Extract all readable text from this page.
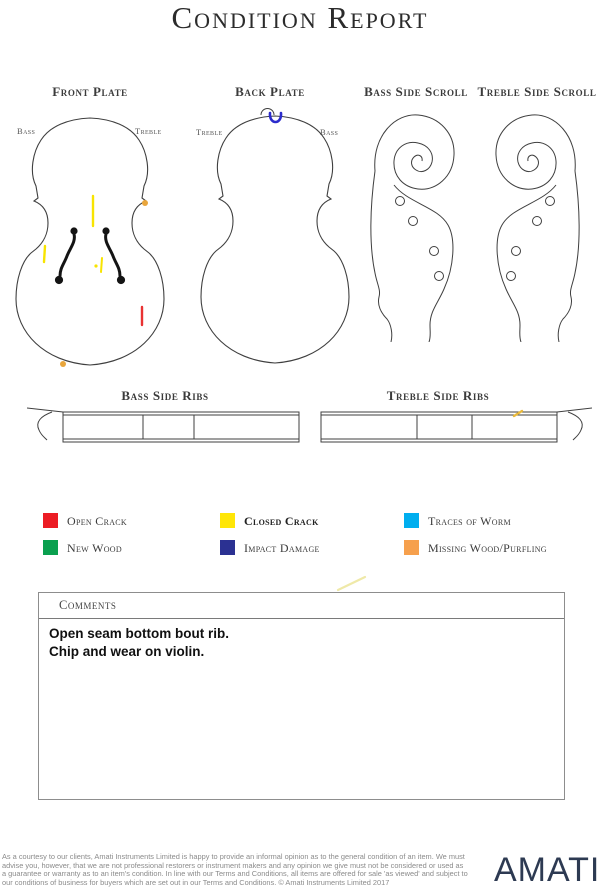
Condition Report
Front Plate	Back Plate	Bass Side Scroll Treble Side Scroll
Bass	Treble	Treble	Bass
Bass Side Ribs	Treble Side Ribs
Open Crack	Closed Crack	Traces of Worm
New Wood	Impact Damage	Missing Wood/Purfling
Comments
Open seam bottom bout rib.
Chip and wear on violin.
As a courtesy to our clients, Amati Instruments Limited is happy to provide an informal opinion as to the general condition of an item. We must
advise you, however, that we are not professional restorers or instrument makers and any opinion we give must not be considered or used as
a guarantee or warranty as to an item's condition. In line with our Terms and Conditions, all items are offered for sale 'as viewed' and subject to
our conditions of business for buyers which are set out in our Terms and Conditions. © Amati Instruments Limited 2017	AMATI
